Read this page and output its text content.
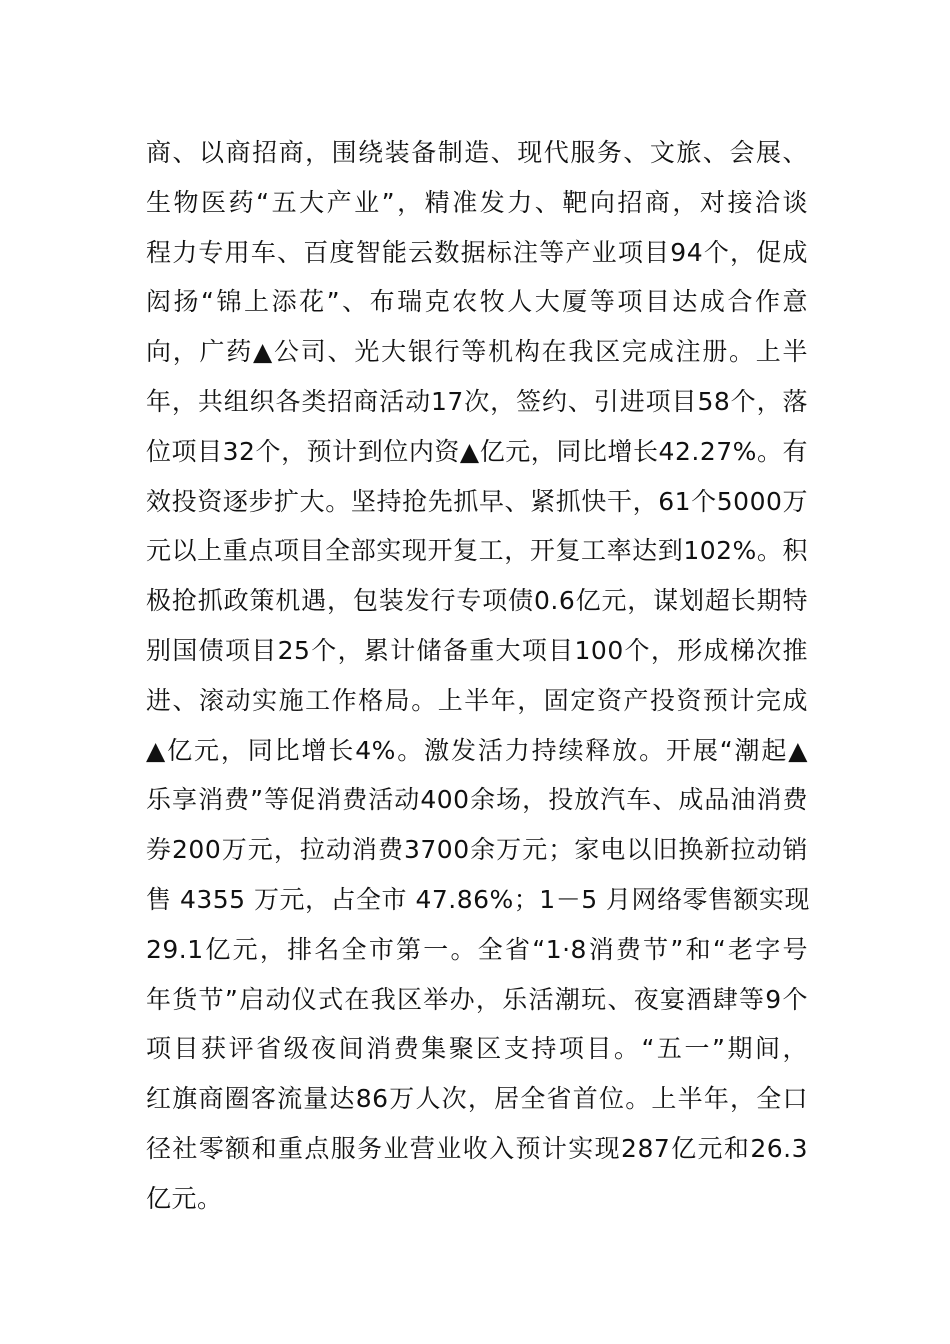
商、以商招商，围绕装备制造、现代服务、文旅、会展、
生物医药“五大产业”，精准发力、靶向招商，对接洽谈
程力专用车、百度智能云数据标注等产业项目94个，促成
闳扬“锦上添花”、布瑞克农牧人大厦等项目达成合作意
向，广药▲公司、光大银行等机构在我区完成注册。上半
年，共组织各类招商活动17次，签约、引进项目58个，落
位项目32个，预计到位内资▲亿元，同比增长42.27%。有
效投资逐步扩大。坚持抢先抓早、紧抓快干，61个5000万
元以上重点项目全部实现开复工，开复工率达到102%。积
极抢抓政策机遇，包装发行专项债0.6亿元，谋划超长期特
别国债项目25个，累计储备重大项目100个，形成梯次推
进、滚动实施工作格局。上半年，固定资产投资预计完成
▲亿元，同比增长4%。激发活力持续释放。开展“潮起▲
乐享消费”等促消费活动400余场，投放汽车、成品油消费
券200万元，拉动消费3700余万元；家电以旧换新拉动销
售 4355 万元，占全市 47.86%；1－5 月网络零售额实现
29.1亿元，排名全市第一。全省“1·8消费节”和“老字号
年货节”启动仪式在我区举办，乐活潮玩、夜宴酒肆等9个
项目获评省级夜间消费集聚区支持项目。“五一”期间，
红旗商圈客流量达86万人次，居全省首位。上半年，全口
径社零额和重点服务业营业收入预计实现287亿元和26.3
亿元。
